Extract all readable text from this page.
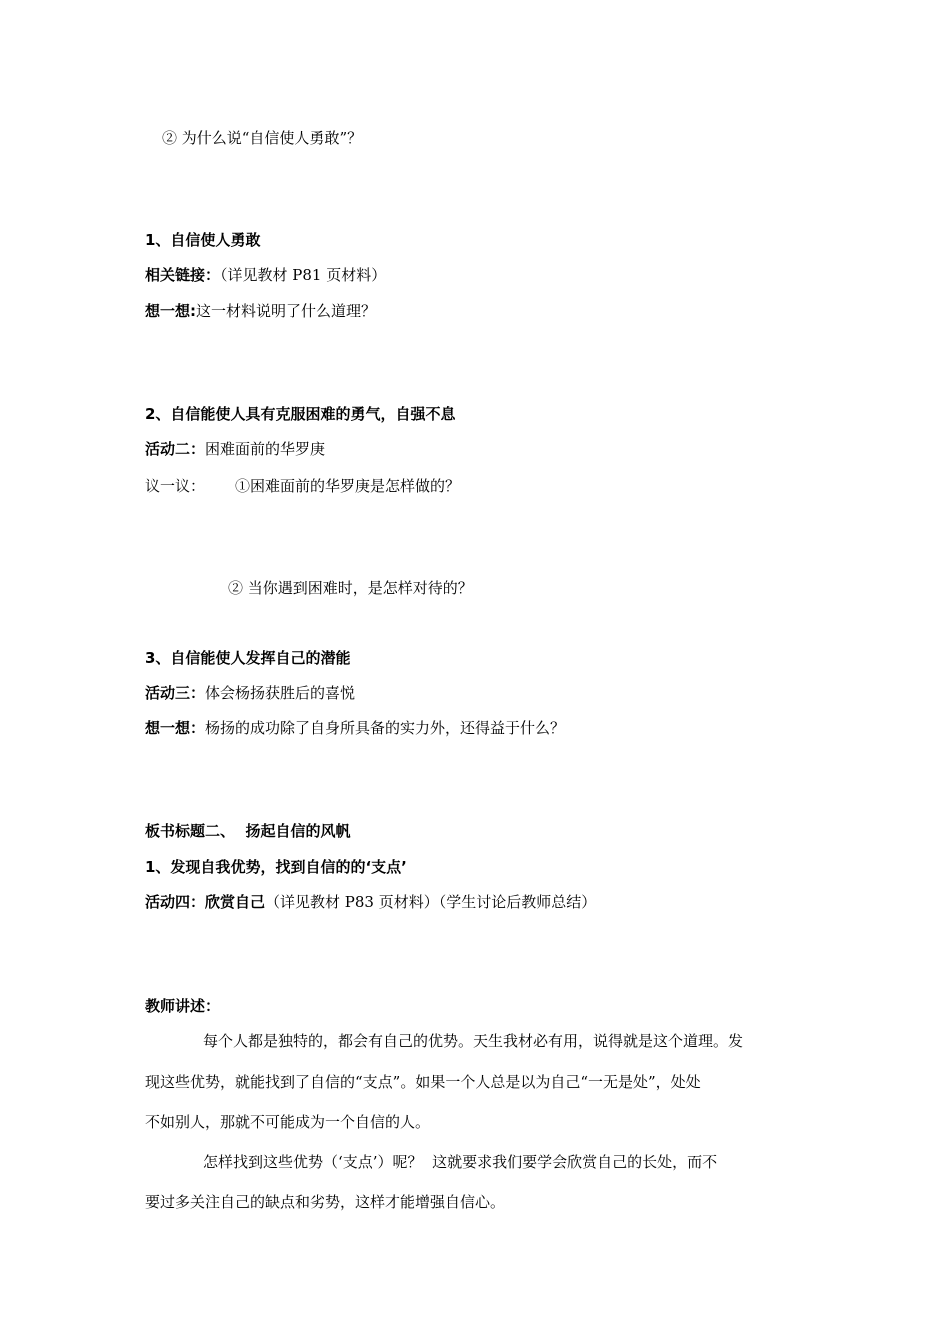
② 为什么说“自信使人勇敢”？
1、自信使人勇敢
相关链接：（详见教材 P81 页材料）
想一想:这一材料说明了什么道理？
2、自信能使人具有克服困难的勇气，自强不息
活动二：困难面前的华罗庚
议一议： ①困难面前的华罗庚是怎样做的？
② 当你遇到困难时，是怎样对待的？
3、自信能使人发挥自己的潜能
活动三：体会杨扬获胜后的喜悦
想一想：杨扬的成功除了自身所具备的实力外，还得益于什么？
板书标题二、  扬起自信的风帆
1、发现自我优势，找到自信的的‘支点’
活动四：欣赏自己（详见教材 P83 页材料）（学生讨论后教师总结）
教师讲述：
每个人都是独特的，都会有自己的优势。天生我材必有用，说得就是这个道理。发
现这些优势，就能找到了自信的“支点”。如果一个人总是以为自己“一无是处”，处处
不如别人，那就不可能成为一个自信的人。
怎样找到这些优势（‘支点’）呢？  这就要求我们要学会欣赏自己的长处，而不
要过多关注自己的缺点和劣势，这样才能增强自信心。
